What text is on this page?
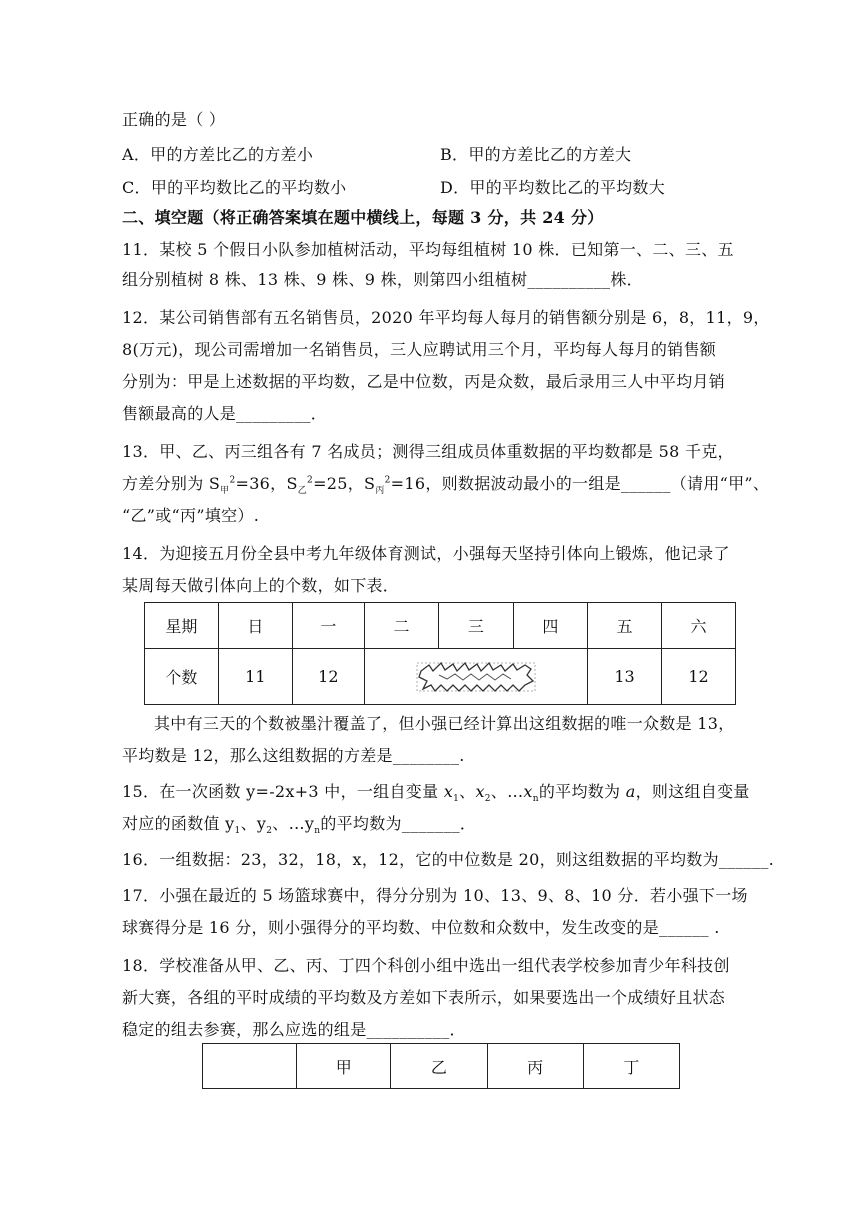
正确的是（ ）
A．甲的方差比乙的方差小	B．甲的方差比乙的方差大
C．甲的平均数比乙的平均数小	D．甲的平均数比乙的平均数大
二、填空题（将正确答案填在题中横线上，每题 3 分，共 24 分）
11．某校 5 个假日小队参加植树活动，平均每组植树 10 株．已知第一、二、三、五
组分别植树 8 株、13 株、9 株、9 株，则第四小组植树__________株．
12．某公司销售部有五名销售员，2020 年平均每人每月的销售额分别是 6，8，11，9，
8(万元)，现公司需增加一名销售员，三人应聘试用三个月，平均每人每月的销售额
分别为：甲是上述数据的平均数，乙是中位数，丙是众数，最后录用三人中平均月销
售额最高的人是_________．
13．甲、乙、丙三组各有 7 名成员；测得三组成员体重数据的平均数都是 58 千克，
方差分别为 $S_甲^2=36$，$S_乙^2=25$，$S_丙^2=16$，则数据波动最小的一组是______（请用“甲”、
“乙”或“丙”填空）.
14．为迎接五月份全县中考九年级体育测试，小强每天坚持引体向上锻炼，他记录了
某周每天做引体向上的个数，如下表．
星期	日	一	二	三	四	五	六
个数	11	12				13	12
其中有三天的个数被墨汁覆盖了，但小强已经计算出这组数据的唯一众数是 13，
平均数是 12，那么这组数据的方差是________.
15．在一次函数 y=-2x+3 中，一组自变量 $x_1$、$x_2$、$\dots x_n$的平均数为 a，则这组自变量
对应的函数值 $y_1$、$y_2$、$\dots y_n$的平均数为_______．
16．一组数据：23，32，18，x，12，它的中位数是 20，则这组数据的平均数为______.
17．小强在最近的 5 场篮球赛中，得分分别为 10、13、9、8、10 分．若小强下一场
球赛得分是 16 分，则小强得分的平均数、中位数和众数中，发生改变的是______ .
18．学校准备从甲、乙、丙、丁四个科创小组中选出一组代表学校参加青少年科技创
新大赛，各组的平时成绩的平均数及方差如下表所示，如果要选出一个成绩好且状态
稳定的组去参赛，那么应选的组是__________．
	甲	乙	丙	丁
